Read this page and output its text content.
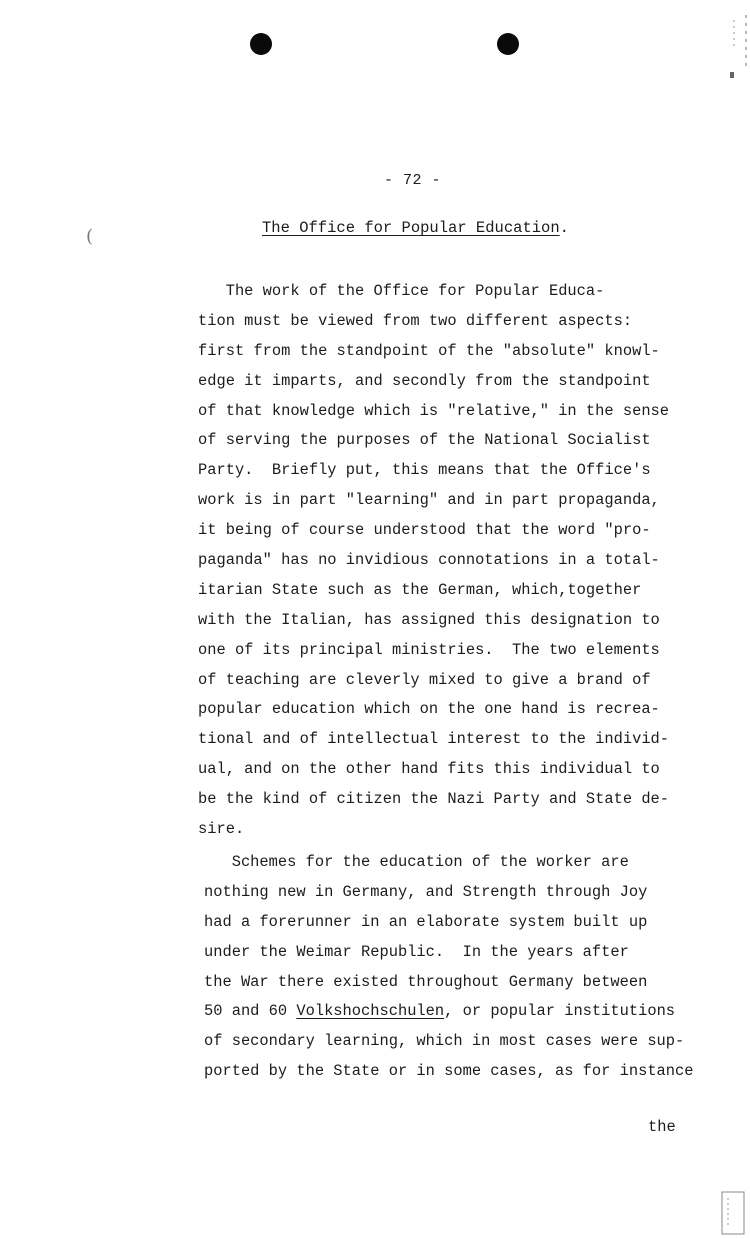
(
- 72 -
The Office for Popular Education.
The work of the Office for Popular Educa-
tion must be viewed from two different aspects:
first from the standpoint of the "absolute" knowl-
edge it imparts, and secondly from the standpoint
of that knowledge which is "relative," in the sense
of serving the purposes of the National Socialist
Party.  Briefly put, this means that the Office's
work is in part "learning" and in part propaganda,
it being of course understood that the word "pro-
paganda" has no invidious connotations in a total-
itarian State such as the German, which,together
with the Italian, has assigned this designation to
one of its principal ministries.  The two elements
of teaching are cleverly mixed to give a brand of
popular education which on the one hand is recrea-
tional and of intellectual interest to the individ-
ual, and on the other hand fits this individual to
be the kind of citizen the Nazi Party and State de-
sire.
Schemes for the education of the worker are
nothing new in Germany, and Strength through Joy
had a forerunner in an elaborate system built up
under the Weimar Republic.  In the years after
the War there existed throughout Germany between
50 and 60 Volkshochschulen, or popular institutions
of secondary learning, which in most cases were sup-
ported by the State or in some cases, as for instance
the
